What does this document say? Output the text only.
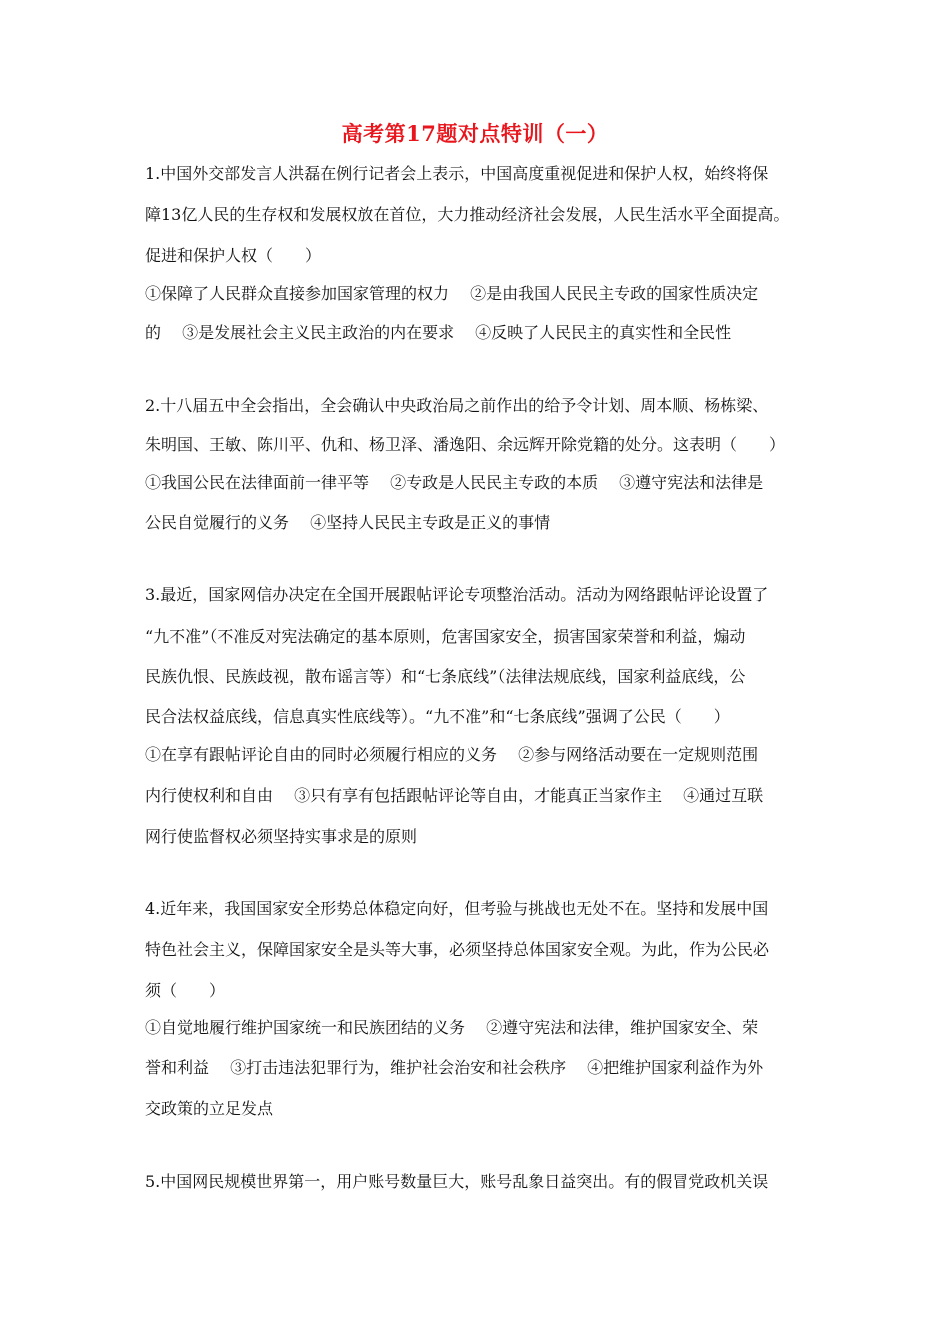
高考第17题对点特训（一）
1.中国外交部发言人洪磊在例行记者会上表示，中国高度重视促进和保护人权，始终将保
障13亿人民的生存权和发展权放在首位，大力推动经济社会发展，人民生活水平全面提高。
促进和保护人权（　　）
①保障了人民群众直接参加国家管理的权力　 ②是由我国人民民主专政的国家性质决定
的　 ③是发展社会主义民主政治的内在要求　 ④反映了人民民主的真实性和全民性
2.十八届五中全会指出，全会确认中央政治局之前作出的给予令计划、周本顺、杨栋梁、
朱明国、王敏、陈川平、仇和、杨卫泽、潘逸阳、余远辉开除党籍的处分。这表明（　　）
①我国公民在法律面前一律平等　 ②专政是人民民主专政的本质　 ③遵守宪法和法律是
公民自觉履行的义务　 ④坚持人民民主专政是正义的事情
3.最近，国家网信办决定在全国开展跟帖评论专项整治活动。活动为网络跟帖评论设置了
“九不准”（不准反对宪法确定的基本原则，危害国家安全，损害国家荣誉和利益，煽动
民族仇恨、民族歧视，散布谣言等）和“七条底线”（法律法规底线，国家利益底线，公
民合法权益底线，信息真实性底线等）。“九不准”和“七条底线”强调了公民（　　）
①在享有跟帖评论自由的同时必须履行相应的义务　 ②参与网络活动要在一定规则范围
内行使权利和自由　 ③只有享有包括跟帖评论等自由，才能真正当家作主　 ④通过互联
网行使监督权必须坚持实事求是的原则
4.近年来，我国国家安全形势总体稳定向好，但考验与挑战也无处不在。坚持和发展中国
特色社会主义，保障国家安全是头等大事，必须坚持总体国家安全观。为此，作为公民必
须（　　）
①自觉地履行维护国家统一和民族团结的义务　 ②遵守宪法和法律，维护国家安全、荣
誉和利益　 ③打击违法犯罪行为，维护社会治安和社会秩序　 ④把维护国家利益作为外
交政策的立足发点
5.中国网民规模世界第一，用户账号数量巨大，账号乱象日益突出。有的假冒党政机关误
